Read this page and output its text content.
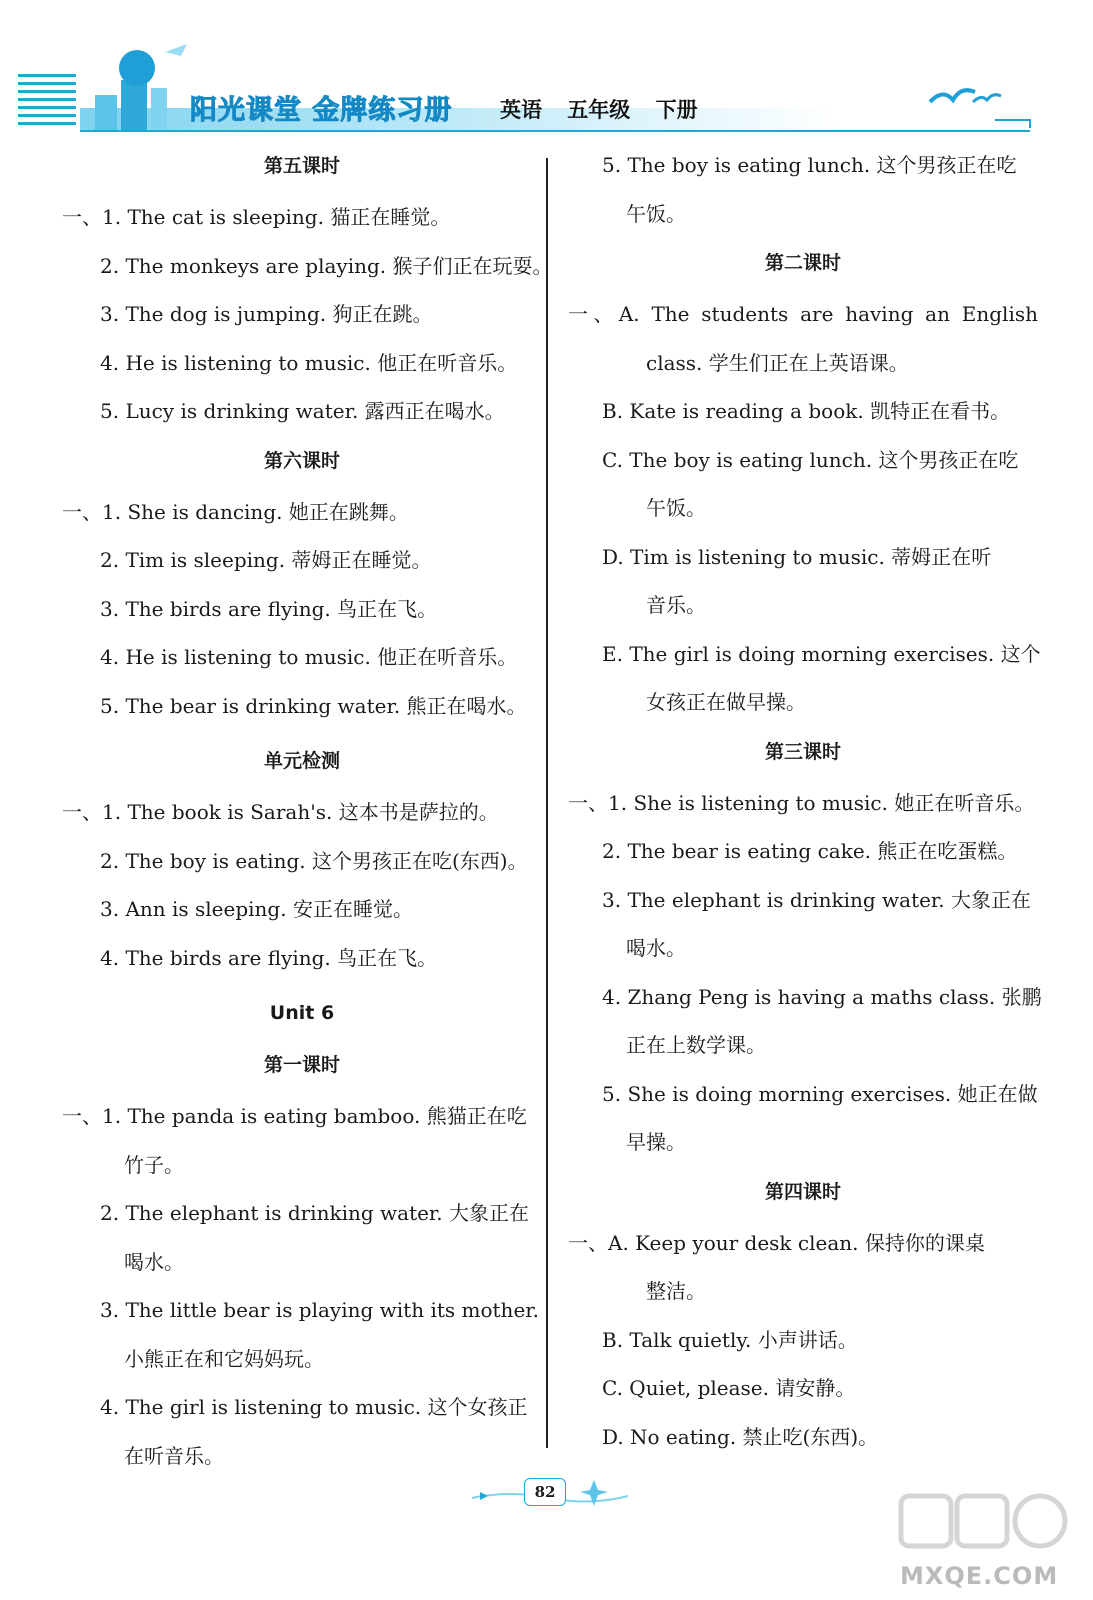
阳光课堂 金牌练习册 英语 五年级 下册
第五课时
一、1. The cat is sleeping. 猫正在睡觉。
2. The monkeys are playing. 猴子们正在玩耍。
3. The dog is jumping. 狗正在跳。
4. He is listening to music. 他正在听音乐。
5. Lucy is drinking water. 露西正在喝水。
第六课时
一、1. She is dancing. 她正在跳舞。
2. Tim is sleeping. 蒂姆正在睡觉。
3. The birds are flying. 鸟正在飞。
4. He is listening to music. 他正在听音乐。
5. The bear is drinking water. 熊正在喝水。
单元检测
一、1. The book is Sarah's. 这本书是萨拉的。
2. The boy is eating. 这个男孩正在吃(东西)。
3. Ann is sleeping. 安正在睡觉。
4. The birds are flying. 鸟正在飞。
Unit 6
第一课时
一、1. The panda is eating bamboo. 熊猫正在吃
竹子。
2. The elephant is drinking water. 大象正在
喝水。
3. The little bear is playing with its mother.
小熊正在和它妈妈玩。
4. The girl is listening to music. 这个女孩正
在听音乐。
5. The boy is eating lunch. 这个男孩正在吃
午饭。
第二课时
一、A. The students are having an English
class. 学生们正在上英语课。
B. Kate is reading a book. 凯特正在看书。
C. The boy is eating lunch. 这个男孩正在吃
午饭。
D. Tim is listening to music. 蒂姆正在听
音乐。
E. The girl is doing morning exercises. 这个
女孩正在做早操。
第三课时
一、1. She is listening to music. 她正在听音乐。
2. The bear is eating cake. 熊正在吃蛋糕。
3. The elephant is drinking water. 大象正在
喝水。
4. Zhang Peng is having a maths class. 张鹏
正在上数学课。
5. She is doing morning exercises. 她正在做
早操。
第四课时
一、A. Keep your desk clean. 保持你的课桌
整洁。
B. Talk quietly. 小声讲话。
C. Quiet, please. 请安静。
D. No eating. 禁止吃(东西)。
82
MXQE.COM
